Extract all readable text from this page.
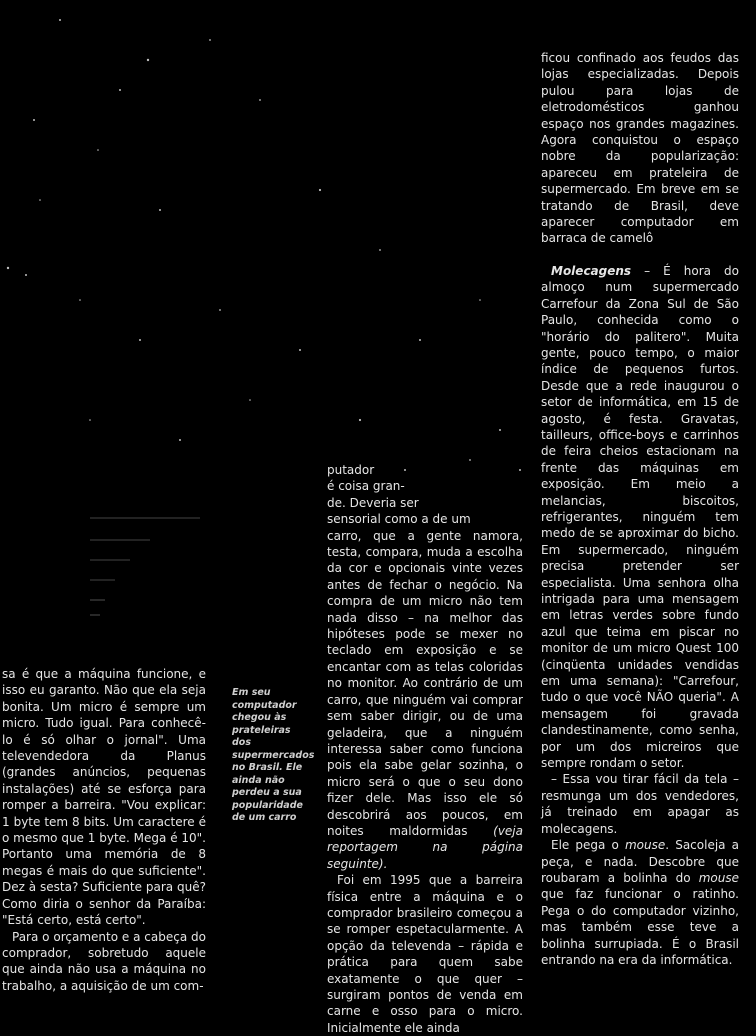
sa é que a máquina funcione, e isso eu garanto. Não que ela seja bonita. Um micro é sempre um micro. Tudo igual. Para conhecê-lo é só olhar o jornal". Uma televendedora da Planus (grandes anúncios, pequenas instalações) até se esforça para romper a barreira. "Vou explicar: 1 byte tem 8 bits. Um caractere é o mesmo que 1 byte. Mega é 10". Portanto uma memória de 8 megas é mais do que suficiente". Dez à sesta? Suficiente para quê? Como diria o senhor da Paraíba: "Está certo, está certo".

Para o orçamento e a cabeça do comprador, sobretudo aquele que ainda não usa a máquina no trabalho, a aquisição de um com-

Em seu computador chegou às prateleiras dos supermercados no Brasil. Ele ainda não perdeu a sua popularidade de um carro

putador

é coisa gran-

de. Deveria ser

sensorial como a de um

carro, que a gente namora, testa, compara, muda a escolha da cor e opcionais vinte vezes antes de fechar o negócio. Na compra de um micro não tem nada disso – na melhor das hipóteses pode se mexer no teclado em exposição e se encantar com as telas coloridas no monitor. Ao contrário de um carro, que ninguém vai comprar sem saber dirigir, ou de uma geladeira, que a ninguém interessa saber como funciona pois ela sabe gelar sozinha, o micro será o que o seu dono fizer dele. Mas isso ele só descobrirá aos poucos, em noites maldormidas (veja reportagem na página seguinte).

Foi em 1995 que a barreira física entre a máquina e o comprador brasileiro começou a se romper espetacularmente. A opção da televenda – rápida e prática para quem sabe exatamente o que quer – surgiram pontos de venda em carne e osso para o micro. Inicialmente ele ainda

ficou confinado aos feudos das lojas especializadas. Depois pulou para lojas de eletrodomésticos ganhou espaço nos grandes magazines. Agora conquistou o espaço nobre da popularização: apareceu em prateleira de supermercado. Em breve em se tratando de Brasil, deve aparecer computador em barraca de camelô

Molecagens – É hora do almoço num supermercado Carrefour da Zona Sul de São Paulo, conhecida como o "horário do palitero". Muita gente, pouco tempo, o maior índice de pequenos furtos. Desde que a rede inaugurou o setor de informática, em 15 de agosto, é festa. Gravatas, tailleurs, office-boys e carrinhos de feira cheios estacionam na frente das máquinas em exposição. Em meio a melancias, biscoitos, refrigerantes, ninguém tem medo de se aproximar do bicho. Em supermercado, ninguém precisa pretender ser especialista. Uma senhora olha intrigada para uma mensagem em letras verdes sobre fundo azul que teima em piscar no monitor de um micro Quest 100 (cinqüenta unidades vendidas em uma semana): "Carrefour, tudo o que você NÃO queria". A mensagem foi gravada clandestinamente, como senha, por um dos micreiros que sempre rondam o setor.

– Essa vou tirar fácil da tela – resmunga um dos vendedores, já treinado em apagar as molecagens.

Ele pega o mouse. Sacoleja a peça, e nada. Descobre que roubaram a bolinha do mouse que faz funcionar o ratinho. Pega o do computador vizinho, mas também esse teve a bolinha surrupiada. É o Brasil entrando na era da informática.
